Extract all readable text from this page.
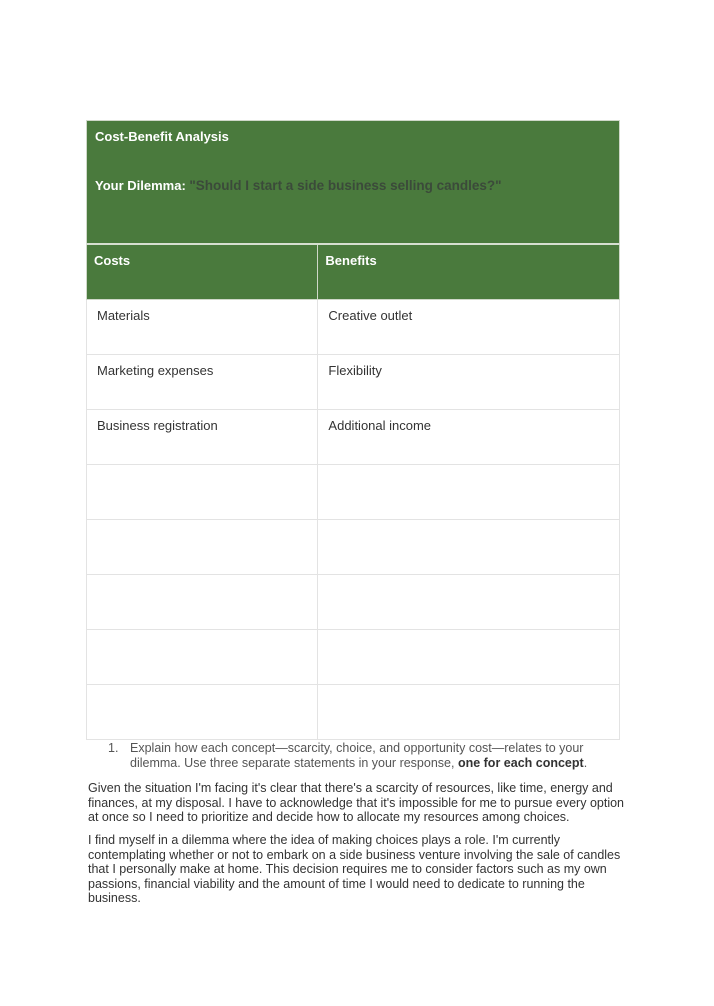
Cost-Benefit Analysis
Your Dilemma: "Should I start a side business selling candles?"	

Costs	Benefits
Materials	Creative outlet
Marketing expenses	Flexibility
Business registration	Additional income

1. Explain how each concept—scarcity, choice, and opportunity cost—relates to your dilemma. Use three separate statements in your response, one for each concept.

Given the situation I'm facing it's clear that there's a scarcity of resources, like time, energy and finances, at my disposal. I have to acknowledge that it's impossible for me to pursue every option at once so I need to prioritize and decide how to allocate my resources among choices.

I find myself in a dilemma where the idea of making choices plays a role. I'm currently contemplating whether or not to embark on a side business venture involving the sale of candles that I personally make at home. This decision requires me to consider factors such as my own passions, financial viability and the amount of time I would need to dedicate to running the business.
